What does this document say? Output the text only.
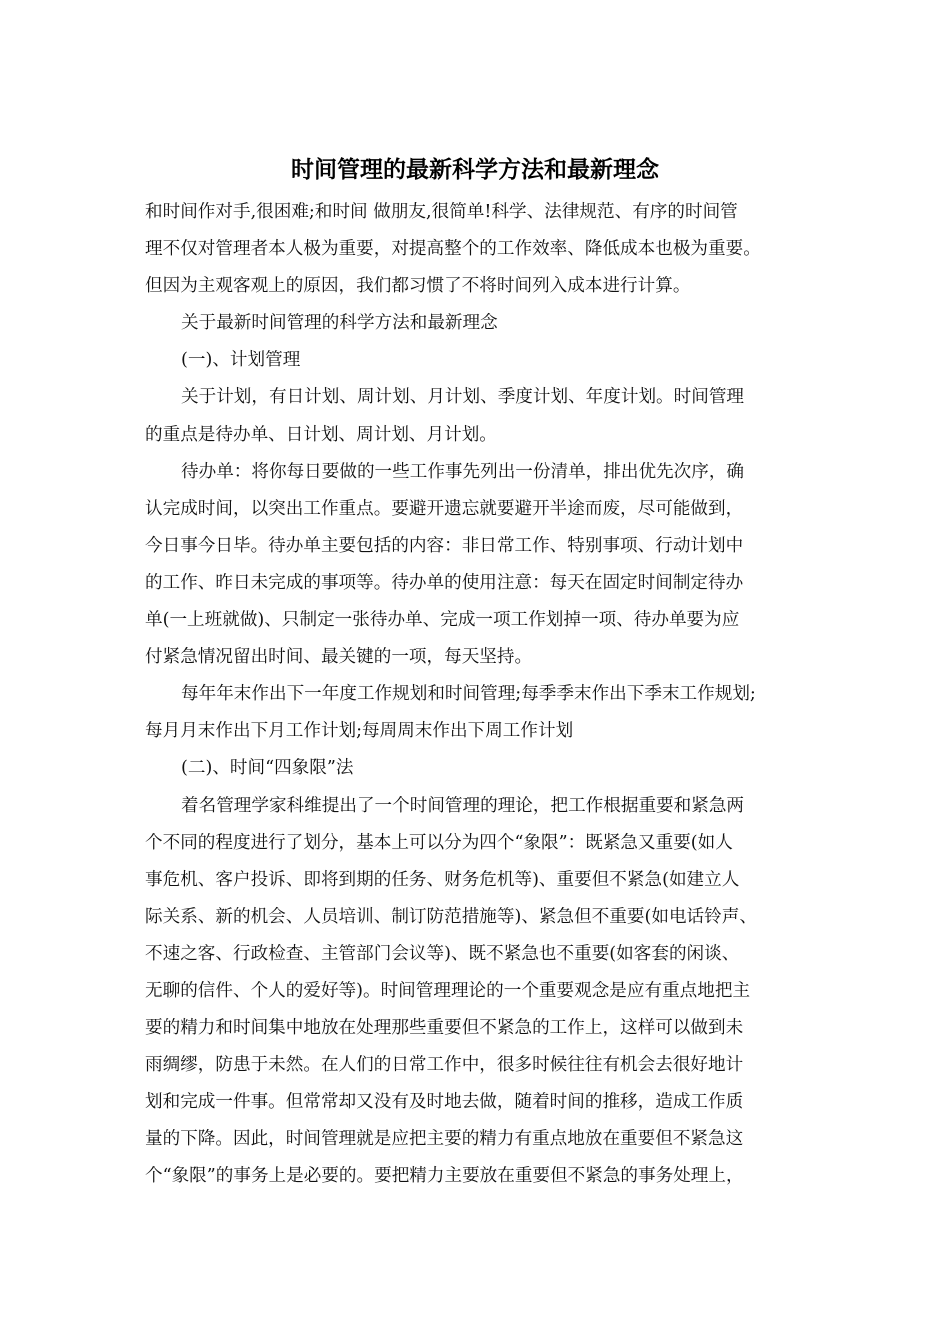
时间管理的最新科学方法和最新理念
和时间作对手,很困难;和时间 做朋友,很简单!科学、法律规范、有序的时间管
理不仅对管理者本人极为重要，对提高整个的工作效率、降低成本也极为重要。
但因为主观客观上的原因，我们都习惯了不将时间列入成本进行计算。
关于最新时间管理的科学方法和最新理念
(一)、计划管理
关于计划，有日计划、周计划、月计划、季度计划、年度计划。时间管理
的重点是待办单、日计划、周计划、月计划。
待办单：将你每日要做的一些工作事先列出一份清单，排出优先次序，确
认完成时间，以突出工作重点。要避开遗忘就要避开半途而废，尽可能做到，
今日事今日毕。待办单主要包括的内容：非日常工作、特别事项、行动计划中
的工作、昨日未完成的事项等。待办单的使用注意：每天在固定时间制定待办
单(一上班就做)、只制定一张待办单、完成一项工作划掉一项、待办单要为应
付紧急情况留出时间、最关键的一项，每天坚持。
每年年末作出下一年度工作规划和时间管理;每季季末作出下季末工作规划;
每月月末作出下月工作计划;每周周末作出下周工作计划
(二)、时间“四象限”法
着名管理学家科维提出了一个时间管理的理论，把工作根据重要和紧急两
个不同的程度进行了划分，基本上可以分为四个“象限”：既紧急又重要(如人
事危机、客户投诉、即将到期的任务、财务危机等)、重要但不紧急(如建立人
际关系、新的机会、人员培训、制订防范措施等)、紧急但不重要(如电话铃声、
不速之客、行政检查、主管部门会议等)、既不紧急也不重要(如客套的闲谈、
无聊的信件、个人的爱好等)。时间管理理论的一个重要观念是应有重点地把主
要的精力和时间集中地放在处理那些重要但不紧急的工作上，这样可以做到未
雨绸缪，防患于未然。在人们的日常工作中，很多时候往往有机会去很好地计
划和完成一件事。但常常却又没有及时地去做，随着时间的推移，造成工作质
量的下降。因此，时间管理就是应把主要的精力有重点地放在重要但不紧急这
个“象限”的事务上是必要的。要把精力主要放在重要但不紧急的事务处理上，
